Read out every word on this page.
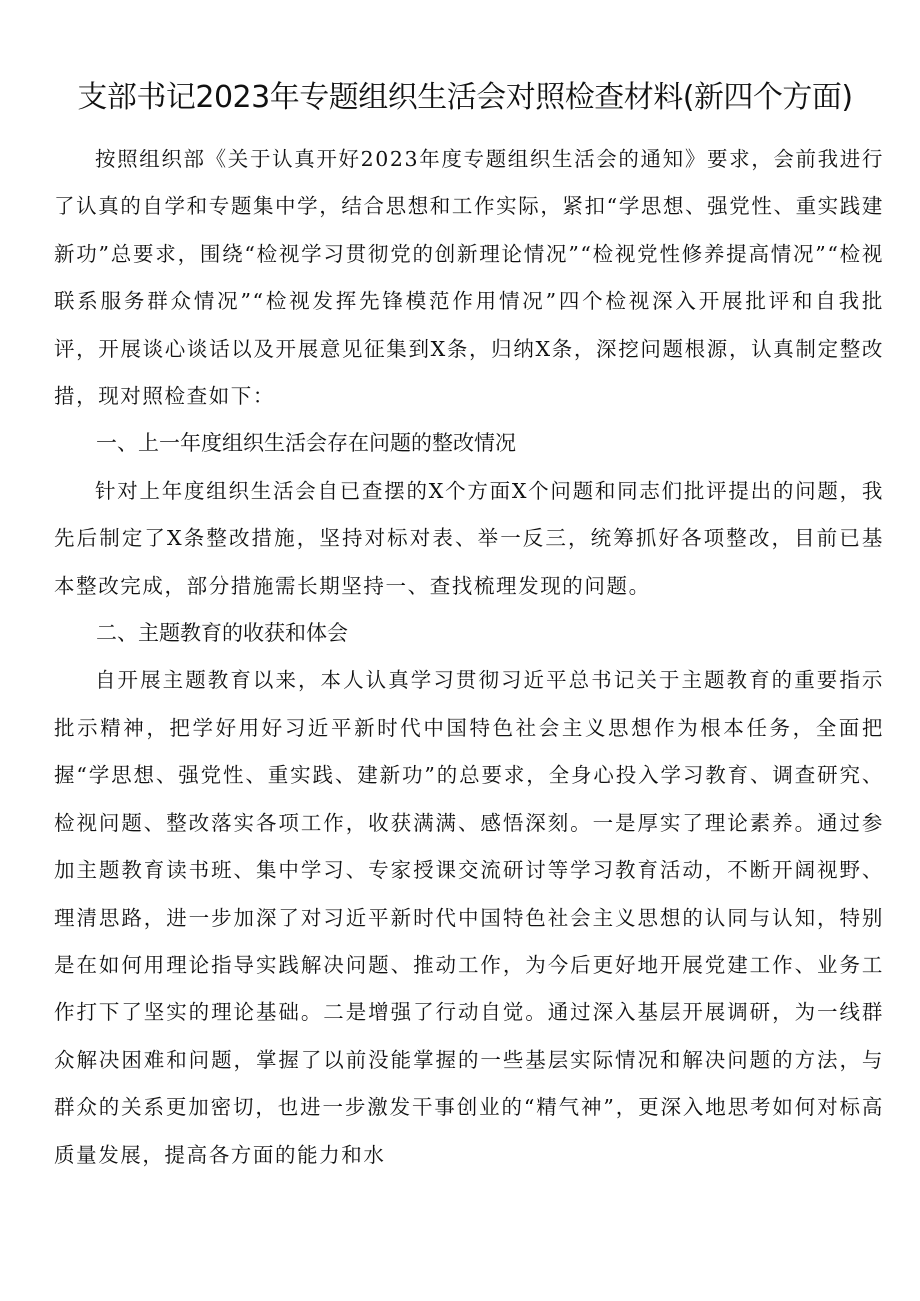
支部书记2023年专题组织生活会对照检查材料(新四个方面)

按照组织部《关于认真开好2023年度专题组织生活会的通知》要求，会前我进行了认真的自学和专题集中学，结合思想和工作实际，紧扣“学思想、强党性、重实践建新功”总要求，围绕“检视学习贯彻党的创新理论情况”“检视党性修养提高情况”“检视联系服务群众情况”“检视发挥先锋模范作用情况”四个检视深入开展批评和自我批评，开展谈心谈话以及开展意见征集到X条，归纳X条，深挖问题根源，认真制定整改措，现对照检查如下：

一、上一年度组织生活会存在问题的整改情况

针对上年度组织生活会自已查摆的X个方面X个问题和同志们批评提出的问题，我先后制定了X条整改措施，坚持对标对表、举一反三，统筹抓好各项整改，目前已基本整改完成，部分措施需长期坚持一、查找梳理发现的问题。

二、主题教育的收获和体会

自开展主题教育以来，本人认真学习贯彻习近平总书记关于主题教育的重要指示批示精神，把学好用好习近平新时代中国特色社会主义思想作为根本任务，全面把握“学思想、强党性、重实践、建新功”的总要求，全身心投入学习教育、调查研究、检视问题、整改落实各项工作，收获满满、感悟深刻。一是厚实了理论素养。通过参加主题教育读书班、集中学习、专家授课交流研讨等学习教育活动，不断开阔视野、理清思路，进一步加深了对习近平新时代中国特色社会主义思想的认同与认知，特别是在如何用理论指导实践解决问题、推动工作，为今后更好地开展党建工作、业务工作打下了坚实的理论基础。二是增强了行动自觉。通过深入基层开展调研，为一线群众解决困难和问题，掌握了以前没能掌握的一些基层实际情况和解决问题的方法，与群众的关系更加密切，也进一步激发干事创业的“精气神”，更深入地思考如何对标高质量发展，提高各方面的能力和水
